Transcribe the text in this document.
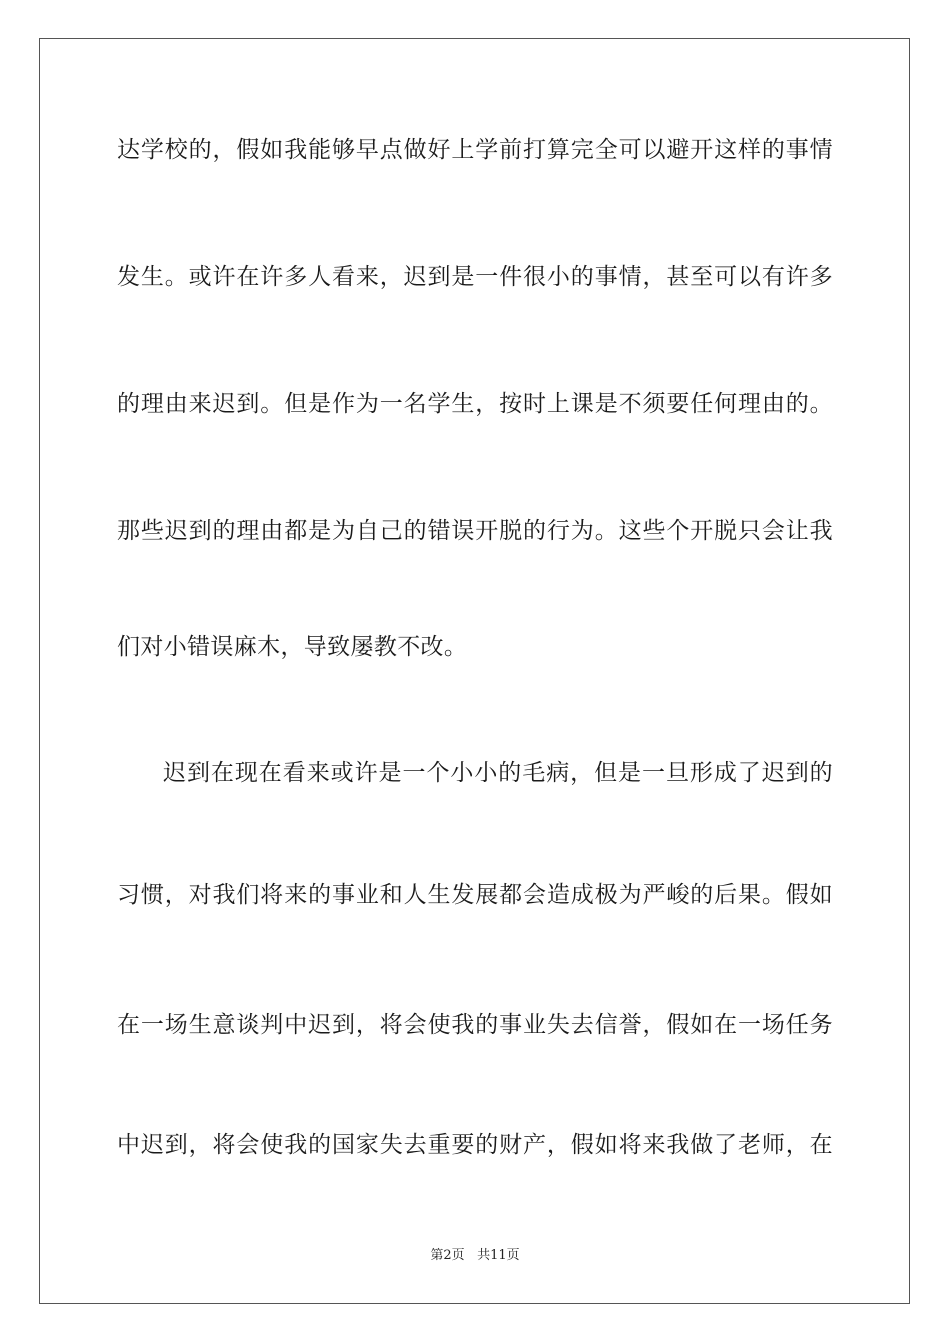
达学校的，假如我能够早点做好上学前打算完全可以避开这样的事情
发生。或许在许多人看来，迟到是一件很小的事情，甚至可以有许多
的理由来迟到。但是作为一名学生，按时上课是不须要任何理由的。
那些迟到的理由都是为自己的错误开脱的行为。这些个开脱只会让我
们对小错误麻木，导致屡教不改。
迟到在现在看来或许是一个小小的毛病，但是一旦形成了迟到的
习惯，对我们将来的事业和人生发展都会造成极为严峻的后果。假如
在一场生意谈判中迟到，将会使我的事业失去信誉，假如在一场任务
中迟到，将会使我的国家失去重要的财产，假如将来我做了老师，在
第2页 共11页
